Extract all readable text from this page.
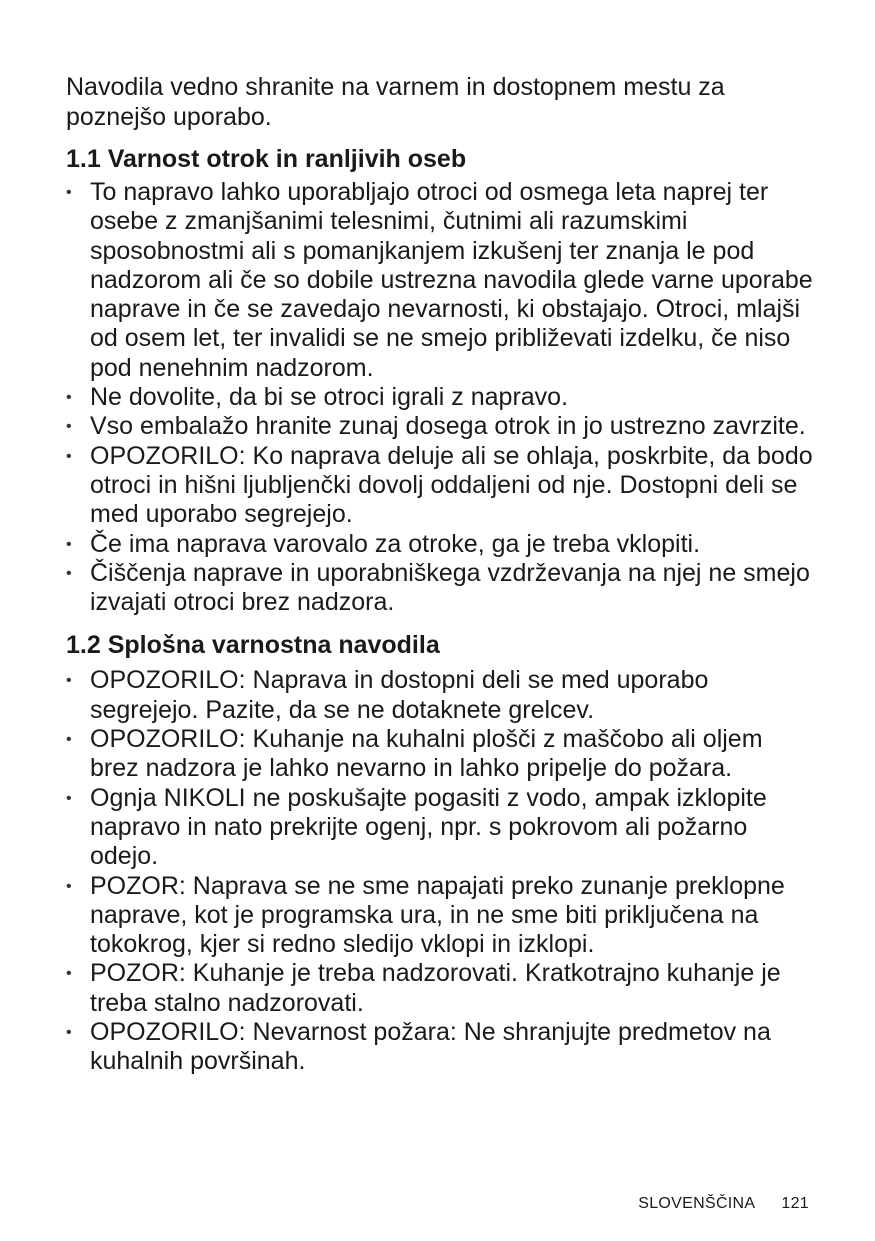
Navodila vedno shranite na varnem in dostopnem mestu za poznejšo uporabo.

1.1 Varnost otrok in ranljivih oseb
• To napravo lahko uporabljajo otroci od osmega leta naprej ter osebe z zmanjšanimi telesnimi, čutnimi ali razumskimi sposobnostmi ali s pomanjkanjem izkušenj ter znanja le pod nadzorom ali če so dobile ustrezna navodila glede varne uporabe naprave in če se zavedajo nevarnosti, ki obstajajo. Otroci, mlajši od osem let, ter invalidi se ne smejo približevati izdelku, če niso pod nenehnim nadzorom.
• Ne dovolite, da bi se otroci igrali z napravo.
• Vso embalažo hranite zunaj dosega otrok in jo ustrezno zavrzite.
• OPOZORILO: Ko naprava deluje ali se ohlaja, poskrbite, da bodo otroci in hišni ljubljenčki dovolj oddaljeni od nje. Dostopni deli se med uporabo segrejejo.
• Če ima naprava varovalo za otroke, ga je treba vklopiti.
• Čiščenja naprave in uporabniškega vzdrževanja na njej ne smejo izvajati otroci brez nadzora.
1.2 Splošna varnostna navodila
• OPOZORILO: Naprava in dostopni deli se med uporabo segrejejo. Pazite, da se ne dotaknete grelcev.
• OPOZORILO: Kuhanje na kuhalni plošči z maščobo ali oljem brez nadzora je lahko nevarno in lahko pripelje do požara.
• Ognja NIKOLI ne poskušajte pogasiti z vodo, ampak izklopite napravo in nato prekrijte ogenj, npr. s pokrovom ali požarno odejo.
• POZOR: Naprava se ne sme napajati preko zunanje preklopne naprave, kot je programska ura, in ne sme biti priključena na tokokrog, kjer si redno sledijo vklopi in izklopi.
• POZOR: Kuhanje je treba nadzorovati. Kratkotrajno kuhanje je treba stalno nadzorovati.
• OPOZORILO: Nevarnost požara: Ne shranjujte predmetov na kuhalnih površinah.
SLOVENŠČINA 121
